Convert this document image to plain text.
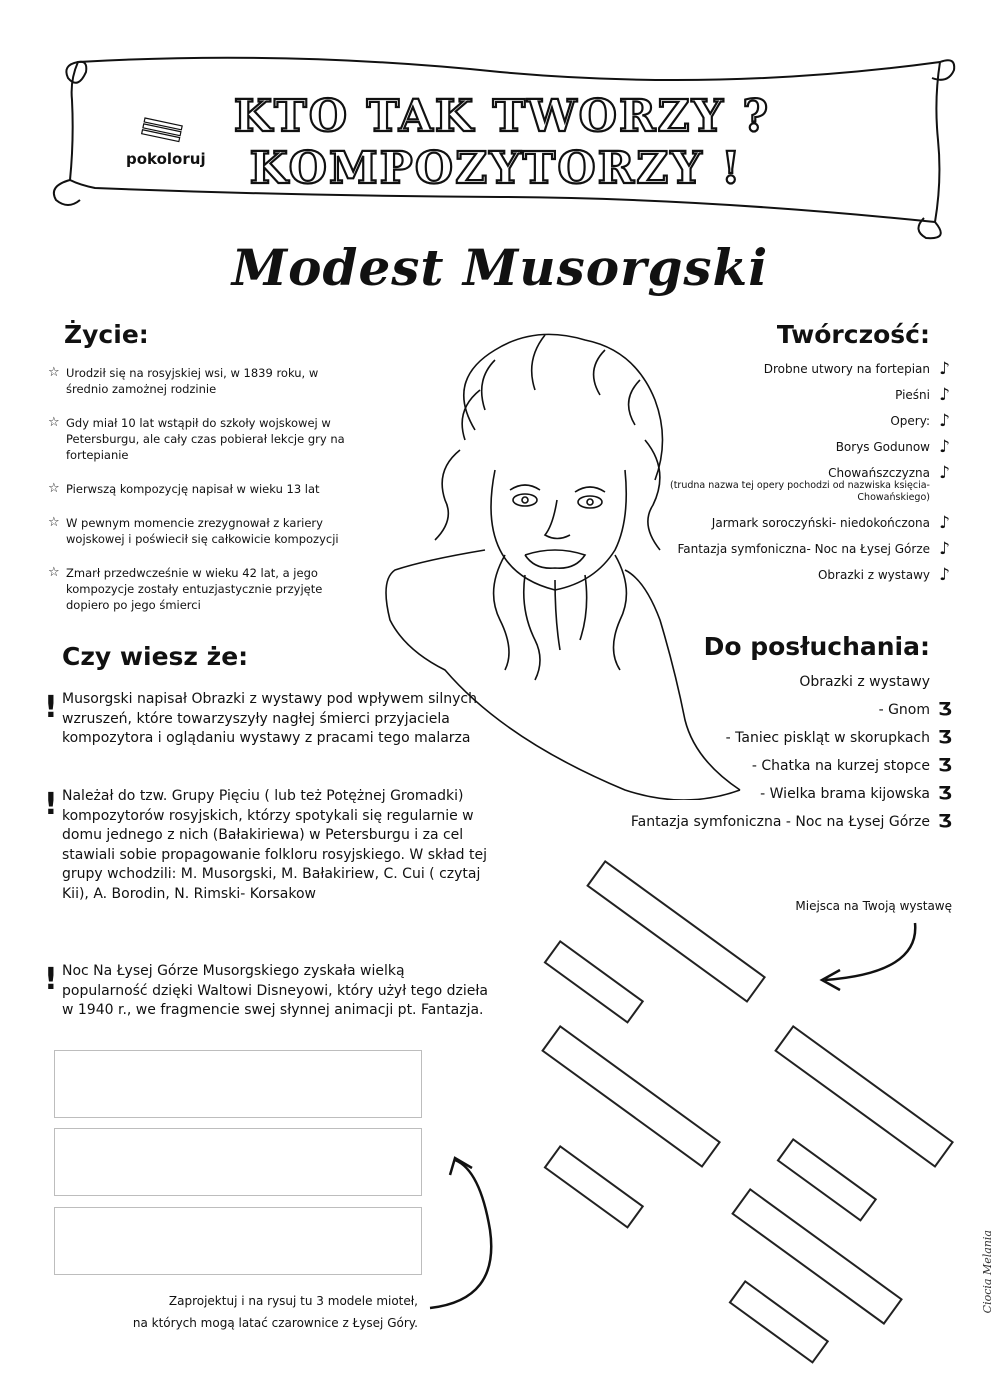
KTO TAK TWORZY ?
KOMPOZYTORZY !
pokoloruj
Modest Musorgski
Życie:
☆ Urodził się na rosyjskiej wsi, w 1839 roku, w średnio zamożnej rodzinie
☆ Gdy miał 10 lat wstąpił do szkoły wojskowej w Petersburgu, ale cały czas pobierał lekcje gry na fortepianie
☆ Pierwszą kompozycję napisał w wieku 13 lat
☆ W pewnym momencie zrezygnował z kariery wojskowej i poświecił się całkowicie kompozycji
☆ Zmarł przedwcześnie w wieku 42 lat, a jego kompozycje zostały entuzjastycznie przyjęte dopiero po jego śmierci
Twórczość:
Drobne utwory na fortepian ♪
Pieśni ♪
Opery: ♪
Borys Godunow ♪
Chowańszczyzna ♪
(trudna nazwa tej opery pochodzi od nazwiska księcia- Chowańskiego)
Jarmark soroczyński- niedokończona ♪
Fantazja symfoniczna- Noc na Łysej Górze ♪
Obrazki z wystawy ♪
Czy wiesz że:
! Musorgski napisał Obrazki z wystawy pod wpływem silnych wzruszeń, które towarzyszyły nagłej śmierci przyjaciela kompozytora i oglądaniu wystawy z pracami tego malarza
! Należał do tzw. Grupy Pięciu ( lub też Potężnej Gromadki) kompozytorów rosyjskich, którzy spotykali się regularnie w domu jednego z nich (Bałakiriewa) w Petersburgu i za cel stawiali sobie propagowanie folkloru rosyjskiego. W skład tej grupy wchodzili: M. Musorgski, M. Bałakiriew, C. Cui ( czytaj Kii), A. Borodin, N. Rimski- Korsakow
! Noc Na Łysej Górze Musorgskiego zyskała wielką popularność dzięki Waltowi Disneyowi, który użył tego dzieła w 1940 r., we fragmencie swej słynnej animacji pt. Fantazja.
Do posłuchania:
Obrazki z wystawy
- Gnom Ʒ
- Taniec piskląt w skorupkach Ʒ
- Chatka na kurzej stopce Ʒ
- Wielka brama kijowska Ʒ
Fantazja symfoniczna - Noc na Łysej Górze Ʒ
Miejsca na Twoją wystawę
Zaprojektuj i na rysuj tu 3 modele mioteł,
na których mogą latać czarownice z Łysej Góry.
Ciocia Melania
